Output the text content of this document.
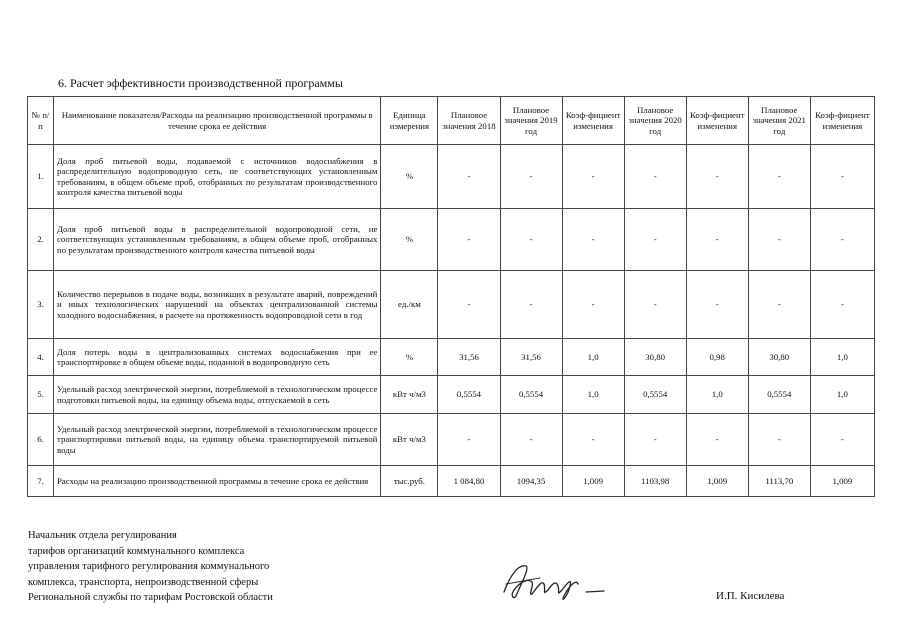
6. Расчет эффективности производственной программы
№ п/п	Наименование показателя/Расходы на реализацию производственной программы в течение срока ее действия	Единица измерения	Плановое значения 2018	Плановое значения 2019 год	Коэф-фициент изменения	Плановое значения 2020 год	Коэф-фициент изменения	Плановое значения 2021 год	Коэф-фициент изменения
1.	Доля проб питьевой воды, подаваемой с источников водоснабжения в распределительную водопроводную сеть, не соответствующих установленным требованиям, в общем объеме проб, отобранных по результатам производственного контроля качества питьевой воды	%	-	-	-	-	-	-	-
2.	Доля проб питьевой воды в распределительной водопроводной сети, не соответствующих установленным требованиям, в общем объеме проб, отобранных по результатам производственного контроля качества питьевой воды	%	-	-	-	-	-	-	-
3.	Количество перерывов в подаче воды, возникших в результате аварий, повреждений и иных технологических нарушений на объектах централизованной системы холодного водоснабжения, в расчете на протяженность водопроводной сети в год	ед./км	-	-	-	-	-	-	-
4.	Доля потерь воды в централизованных системах водоснабжения при ее транспортировке в общем объеме воды, поданной в водопроводную сеть	%	31,56	31,56	1,0	30,80	0,98	30,80	1,0
5.	Удельный расход электрической энергии, потребляемой в технологическом процессе подготовки питьевой воды, на единицу объема воды, отпускаемой в сеть	кВт ч/м3	0,5554	0,5554	1,0	0,5554	1,0	0,5554	1,0
6.	Удельный расход электрической энергии, потребляемой в технологическом процессе транспортировки питьевой воды, на единицу объема транспортируемой питьевой воды	кВт ч/м3	-	-	-	-	-	-	-
7.	Расходы на реализацию производственной программы в течение срока ее действия	тыс.руб.	1 084,80	1094,35	1,009	1103,98	1,009	1113,70	1,009
Начальник отдела регулирования
тарифов организаций коммунального комплекса
управления тарифного регулирования коммунального
комплекса, транспорта, непроизводственной сферы
Региональной службы по тарифам Ростовской области	И.П. Кисилева
